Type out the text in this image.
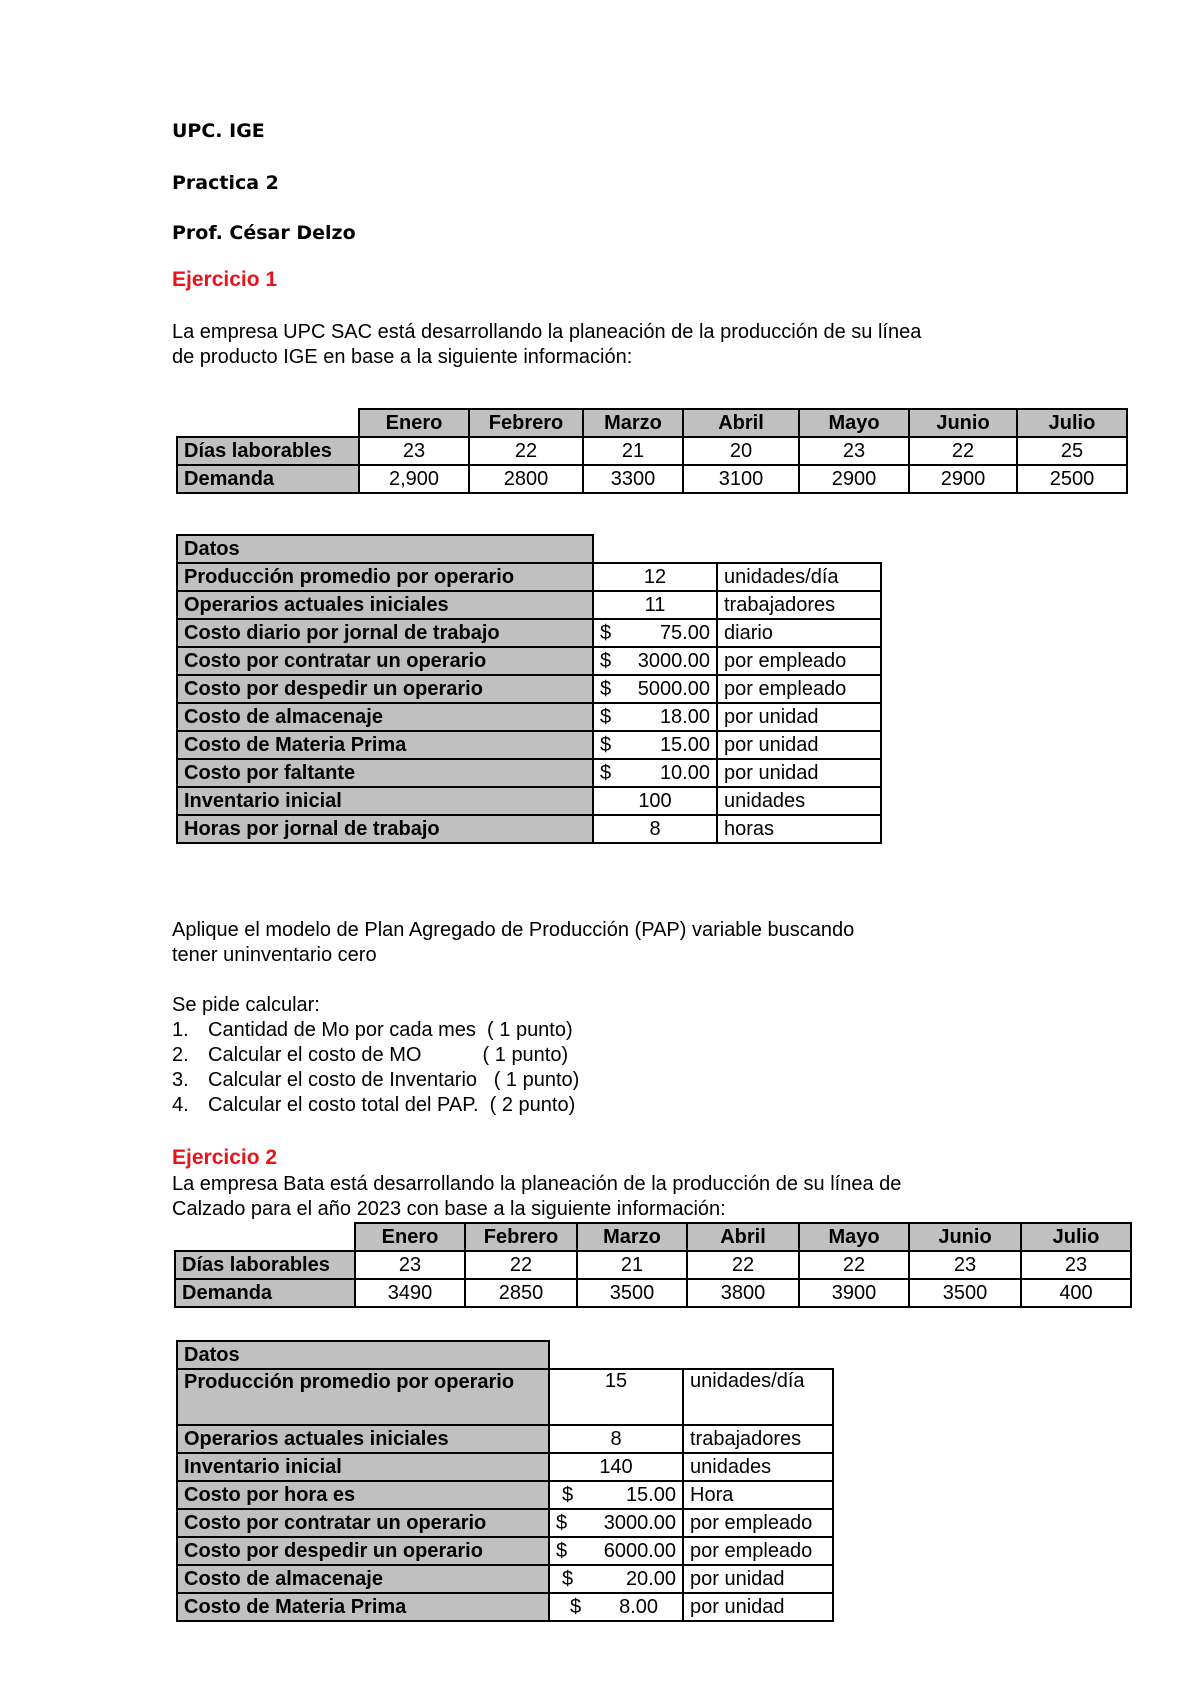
UPC. IGE
Practica 2
Prof. César Delzo
Ejercicio 1
La empresa UPC SAC está desarrollando la planeación de la producción de su línea
de producto IGE en base a la siguiente información:
	Enero	Febrero	Marzo	Abril	Mayo	Junio	Julio
Días laborables	23	22	21	20	23	22	25
Demanda	2,900	2800	3300	3100	2900	2900	2500
Datos		
Producción promedio por operario	12	unidades/día
Operarios actuales iniciales	11	trabajadores
Costo diario por jornal de trabajo	$ 75.00	diario
Costo por contratar un operario	$ 3000.00	por empleado
Costo por despedir un operario	$ 5000.00	por empleado
Costo de almacenaje	$ 18.00	por unidad
Costo de Materia Prima	$ 15.00	por unidad
Costo por faltante	$ 10.00	por unidad
Inventario inicial	100	unidades
Horas por jornal de trabajo	8	horas
Aplique el modelo de Plan Agregado de Producción (PAP) variable buscando
tener uninventario cero
Se pide calcular:
1. Cantidad de Mo por cada mes  ( 1 punto)
2. Calcular el costo de MO           ( 1 punto)
3. Calcular el costo de Inventario   ( 1 punto)
4. Calcular el costo total del PAP.  ( 2 punto)
Ejercicio 2
La empresa Bata está desarrollando la planeación de la producción de su línea de
Calzado para el año 2023 con base a la siguiente información:
	Enero	Febrero	Marzo	Abril	Mayo	Junio	Julio
Días laborables	23	22	21	22	22	23	23
Demanda	3490	2850	3500	3800	3900	3500	400
Datos		
Producción promedio por operario	15	unidades/día
Operarios actuales iniciales	8	trabajadores
Inventario inicial	140	unidades
Costo por hora es	$ 15.00	Hora
Costo por contratar un operario	$ 3000.00	por empleado
Costo por despedir un operario	$ 6000.00	por empleado
Costo de almacenaje	$ 20.00	por unidad
Costo de Materia Prima	$ 8.00	por unidad
